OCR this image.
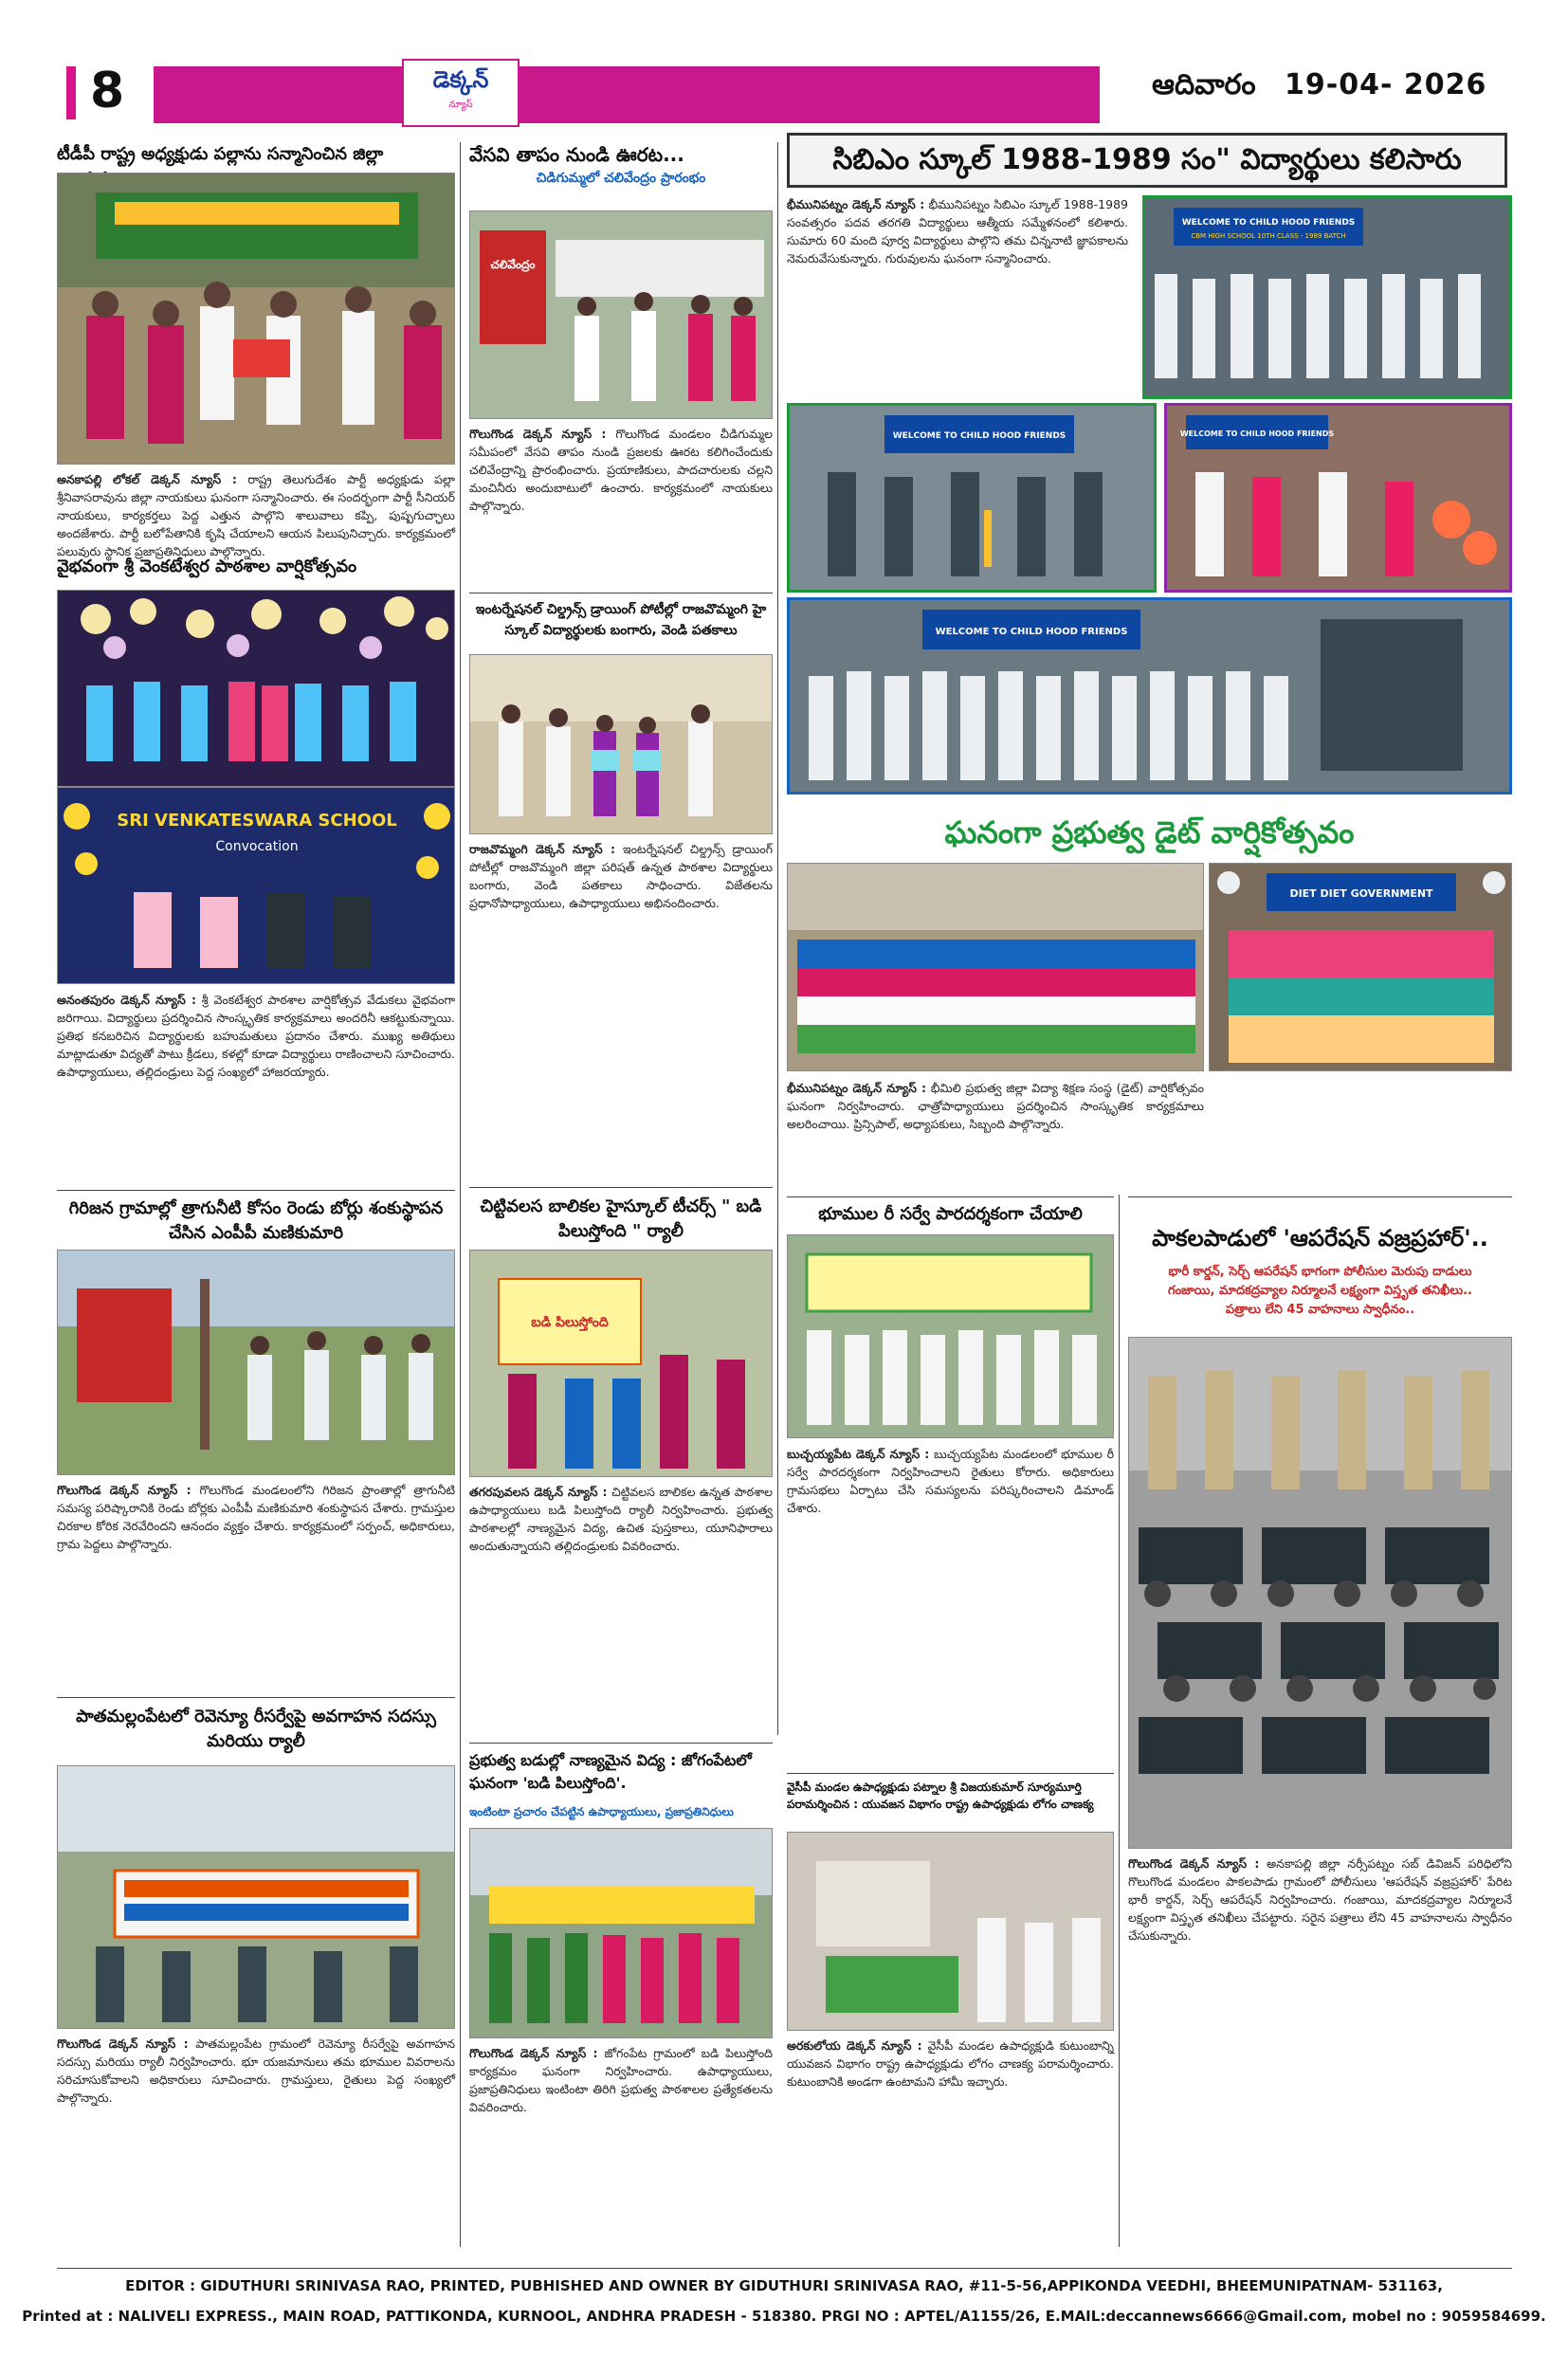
8	డెక్కన్
న్యూస్
ఆదివారం 19-04- 2026
టీడీపీ రాష్ట్ర అధ్యక్షుడు పల్లాను సన్మానించిన జిల్లా
అనకాపల్లి లోకల్ డెక్కన్ న్యూస్ : రాష్ట్ర తెలుగుదేశం పార్టీ అధ్యక్షుడు పల్లా శ్రీనివాసరావును జిల్లా నాయకులు ఘనంగా సన్మానించారు. ఈ సందర్భంగా పార్టీ సీనియర్ నాయకులు, కార్యకర్తలు పెద్ద ఎత్తున పాల్గొని శాలువాలు కప్పి, పుష్పగుచ్ఛాలు అందజేశారు. పార్టీ బలోపేతానికి కృషి చేయాలని ఆయన పిలుపునిచ్చారు. కార్యక్రమంలో పలువురు స్థానిక ప్రజాప్రతినిధులు పాల్గొన్నారు.
వైభవంగా శ్రీ వెంకటేశ్వర పాఠశాల వార్షికోత్సవం
SRI VENKATESWARA SCHOOL
Convocation
అనంతపురం డెక్కన్ న్యూస్ : శ్రీ వెంకటేశ్వర పాఠశాల వార్షికోత్సవ వేడుకలు వైభవంగా జరిగాయి. విద్యార్థులు ప్రదర్శించిన సాంస్కృతిక కార్యక్రమాలు అందరినీ ఆకట్టుకున్నాయి. ప్రతిభ కనబరిచిన విద్యార్థులకు బహుమతులు ప్రదానం చేశారు. ముఖ్య అతిథులు మాట్లాడుతూ విద్యతో పాటు క్రీడలు, కళల్లో కూడా విద్యార్థులు రాణించాలని సూచించారు. ఉపాధ్యాయులు, తల్లిదండ్రులు పెద్ద సంఖ్యలో హాజరయ్యారు.
గిరిజన గ్రామాల్లో త్రాగునీటి కోసం రెండు బోర్లు శంకుస్థాపన చేసిన ఎంపీపీ మణికుమారి
గొలుగొండ డెక్కన్ న్యూస్ : గొలుగొండ మండలంలోని గిరిజన ప్రాంతాల్లో త్రాగునీటి సమస్య పరిష్కారానికి రెండు బోర్లకు ఎంపీపీ మణికుమారి శంకుస్థాపన చేశారు. గ్రామస్తుల చిరకాల కోరిక నెరవేరిందని ఆనందం వ్యక్తం చేశారు. కార్యక్రమంలో సర్పంచ్, అధికారులు, గ్రామ పెద్దలు పాల్గొన్నారు.
పాతమల్లంపేటలో రెవెన్యూ రీసర్వేపై అవగాహన సదస్సు మరియు ర్యాలీ
గొలుగొండ డెక్కన్ న్యూస్ : పాతమల్లంపేట గ్రామంలో రెవెన్యూ రీసర్వేపై అవగాహన సదస్సు మరియు ర్యాలీ నిర్వహించారు. భూ యజమానులు తమ భూముల వివరాలను సరిచూసుకోవాలని అధికారులు సూచించారు. గ్రామస్తులు, రైతులు పెద్ద సంఖ్యలో పాల్గొన్నారు.
వేసవి తాపం నుండి ఊరట...
చిడిగుమ్మలో చలివేంద్రం ప్రారంభం
చలివేంద్రం
గొలుగొండ డెక్కన్ న్యూస్ : గొలుగొండ మండలం చీడిగుమ్మల సమీపంలో వేసవి తాపం నుండి ప్రజలకు ఊరట కలిగించేందుకు చలివేంద్రాన్ని ప్రారంభించారు. ప్రయాణికులు, పాదచారులకు చల్లని మంచినీరు అందుబాటులో ఉంచారు. కార్యక్రమంలో నాయకులు పాల్గొన్నారు.
ఇంటర్నేషనల్ చిల్డ్రన్స్ డ్రాయింగ్ పోటీల్లో రాజవొమ్మంగి హై స్కూల్ విద్యార్థులకు బంగారు, వెండి పతకాలు
రాజవొమ్మంగి డెక్కన్ న్యూస్ : ఇంటర్నేషనల్ చిల్డ్రన్స్ డ్రాయింగ్ పోటీల్లో రాజవొమ్మంగి జిల్లా పరిషత్ ఉన్నత పాఠశాల విద్యార్థులు బంగారు, వెండి పతకాలు సాధించారు. విజేతలను ప్రధానోపాధ్యాయులు, ఉపాధ్యాయులు అభినందించారు.
చిట్టివలస బాలికల హైస్కూల్ టీచర్స్ " బడి పిలుస్తోంది " ర్యాలీ
బడి పిలుస్తోంది
తగరపువలస డెక్కన్ న్యూస్ : చిట్టివలస బాలికల ఉన్నత పాఠశాల ఉపాధ్యాయులు బడి పిలుస్తోంది ర్యాలీ నిర్వహించారు. ప్రభుత్వ పాఠశాలల్లో నాణ్యమైన విద్య, ఉచిత పుస్తకాలు, యూనిఫారాలు అందుతున్నాయని తల్లిదండ్రులకు వివరించారు.
ప్రభుత్వ బడుల్లో నాణ్యమైన విద్య : జోగంపేటలో ఘనంగా 'బడి పిలుస్తోంది'.
ఇంటింటా ప్రచారం చేపట్టిన ఉపాధ్యాయులు, ప్రజాప్రతినిధులు
గొలుగొండ డెక్కన్ న్యూస్ : జోగంపేట గ్రామంలో బడి పిలుస్తోంది కార్యక్రమం ఘనంగా నిర్వహించారు. ఉపాధ్యాయులు, ప్రజాప్రతినిధులు ఇంటింటా తిరిగి ప్రభుత్వ పాఠశాలల ప్రత్యేకతలను వివరించారు.
సిబిఎం స్కూల్ 1988-1989 సం" విద్యార్థులు కలిసారు
భీమునిపట్నం డెక్కన్ న్యూస్ : భీమునిపట్నం సిబిఎం స్కూల్ 1988-1989 సంవత్సరం పదవ తరగతి విద్యార్థులు ఆత్మీయ సమ్మేళనంలో కలిశారు. సుమారు 60 మంది పూర్వ విద్యార్థులు పాల్గొని తమ చిన్ననాటి జ్ఞాపకాలను నెమరువేసుకున్నారు. గురువులను ఘనంగా సన్మానించారు.
WELCOME TO CHILD HOOD FRIENDS
CBM HIGH SCHOOL 10TH CLASS - 1989 BATCH
WELCOME TO CHILD HOOD FRIENDS	WELCOME TO CHILD HOOD FRIENDS
WELCOME TO CHILD HOOD FRIENDS
ఘనంగా ప్రభుత్వ డైట్ వార్షికోత్సవం
DIET DIET GOVERNMENT
భీమునిపట్నం డెక్కన్ న్యూస్ : భీమిలి ప్రభుత్వ జిల్లా విద్యా శిక్షణ సంస్థ (డైట్) వార్షికోత్సవం ఘనంగా నిర్వహించారు. ఛాత్రోపాధ్యాయులు ప్రదర్శించిన సాంస్కృతిక కార్యక్రమాలు అలరించాయి. ప్రిన్సిపాల్, అధ్యాపకులు, సిబ్బంది పాల్గొన్నారు.
భూముల రీ సర్వే పారదర్శకంగా చేయాలి
బుచ్చయ్యపేట డెక్కన్ న్యూస్ : బుచ్చయ్యపేట మండలంలో భూముల రీ సర్వే పారదర్శకంగా నిర్వహించాలని రైతులు కోరారు. అధికారులు గ్రామసభలు ఏర్పాటు చేసి సమస్యలను పరిష్కరించాలని డిమాండ్ చేశారు.
వైసీపీ మండల ఉపాధ్యక్షుడు పట్నాల శ్రీ విజయకుమార్ సూర్యమూర్తి పరామర్శించిన : యువజన విభాగం రాష్ట్ర ఉపాధ్యక్షుడు లోగం చాణక్య
అరకులోయ డెక్కన్ న్యూస్ : వైసీపీ మండల ఉపాధ్యక్షుడి కుటుంబాన్ని యువజన విభాగం రాష్ట్ర ఉపాధ్యక్షుడు లోగం చాణక్య పరామర్శించారు. కుటుంబానికి అండగా ఉంటామని హామీ ఇచ్చారు.
పాకలపాడులో 'ఆపరేషన్ వజ్రప్రహార్'..
భారీ కార్డన్, సెర్చ్ ఆపరేషన్ భాగంగా పోలీసుల మెరుపు దాడులు
గంజాయి, మాదకద్రవ్యాల నిర్మూలనే లక్ష్యంగా విస్తృత తనిఖీలు..
పత్రాలు లేని 45 వాహనాలు స్వాధీనం..
గొలుగొండ డెక్కన్ న్యూస్ : అనకాపల్లి జిల్లా నర్సీపట్నం సబ్ డివిజన్ పరిధిలోని గొలుగొండ మండలం పాకలపాడు గ్రామంలో పోలీసులు 'ఆపరేషన్ వజ్రప్రహార్' పేరిట భారీ కార్డన్, సెర్చ్ ఆపరేషన్ నిర్వహించారు. గంజాయి, మాదకద్రవ్యాల నిర్మూలనే లక్ష్యంగా విస్తృత తనిఖీలు చేపట్టారు. సరైన పత్రాలు లేని 45 వాహనాలను స్వాధీనం చేసుకున్నారు.
EDITOR : GIDUTHURI SRINIVASA RAO, PRINTED, PUBHISHED AND OWNER BY GIDUTHURI SRINIVASA RAO, #11-5-56,APPIKONDA VEEDHI, BHEEMUNIPATNAM- 531163,
Printed at : NALIVELI EXPRESS., MAIN ROAD, PATTIKONDA, KURNOOL, ANDHRA PRADESH - 518380. PRGI NO : APTEL/A1155/26, E.MAIL:deccannews6666@Gmail.com, mobel no : 9059584699.
